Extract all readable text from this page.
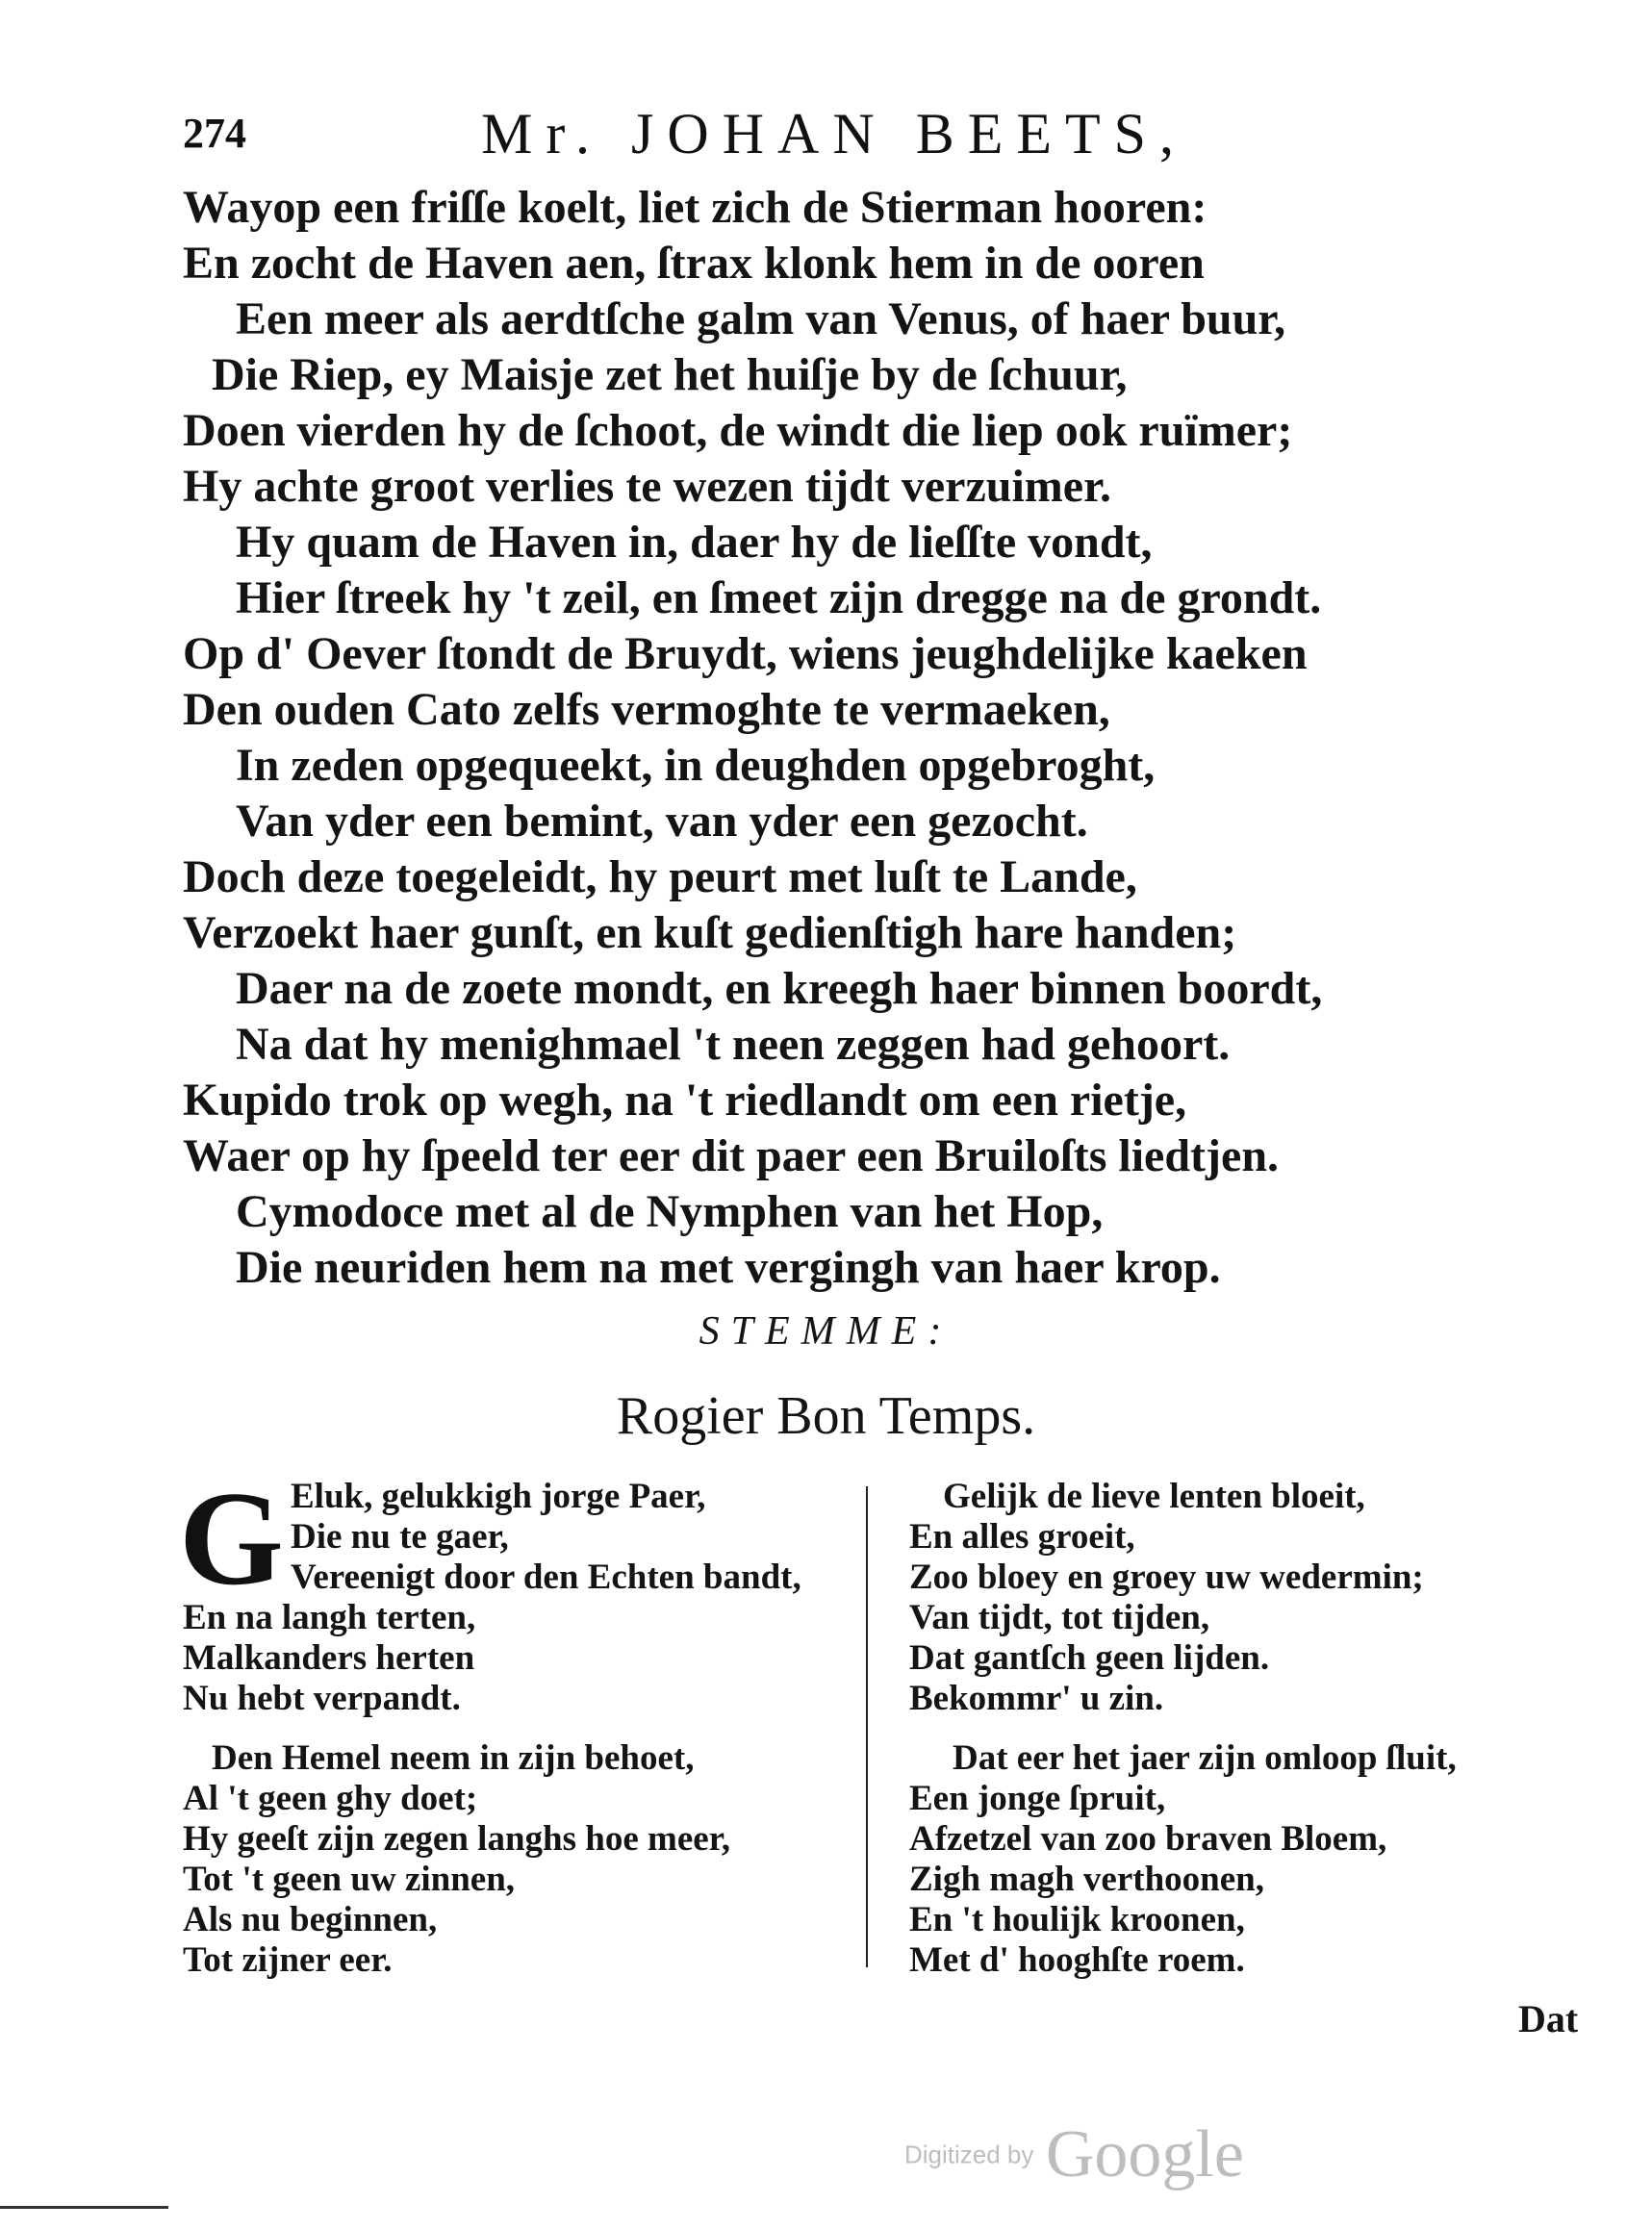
274	Mr. JOHAN BEETS,
Wayop een friſſe koelt, liet zich de Stierman hooren:
En zocht de Haven aen, ſtrax klonk hem in de ooren
Een meer als aerdtſche galm van Venus, of haer buur,
Die Riep, ey Maisje zet het huiſje by de ſchuur,
Doen vierden hy de ſchoot, de windt die liep ook ruïmer;
Hy achte groot verlies te wezen tijdt verzuimer.
Hy quam de Haven in, daer hy de lieſſte vondt,
Hier ſtreek hy 't zeil, en ſmeet zijn dregge na de grondt.
Op d' Oever ſtondt de Bruydt, wiens jeughdelijke kaeken
Den ouden Cato zelfs vermoghte te vermaeken,
In zeden opgequeekt, in deughden opgebroght,
Van yder een bemint, van yder een gezocht.
Doch deze toegeleidt, hy peurt met luſt te Lande,
Verzoekt haer gunſt, en kuſt gedienſtigh hare handen;
Daer na de zoete mondt, en kreegh haer binnen boordt,
Na dat hy menighmael 't neen zeggen had gehoort.
Kupido trok op wegh, na 't riedlandt om een rietje,
Waer op hy ſpeeld ter eer dit paer een Bruiloſts liedtjen.
Cymodoce met al de Nymphen van het Hop,
Die neuriden hem na met vergingh van haer krop.
STEMME:
Rogier Bon Temps.
G Eluk, gelukkigh jorge Paer,
Die nu te gaer,
Vereenigt door den Echten bandt,
En na langh terten,
Malkanders herten
Nu hebt verpandt.
Den Hemel neem in zijn behoet,
Al 't geen ghy doet;
Hy geeſt zijn zegen langhs hoe meer,
Tot 't geen uw zinnen,
Als nu beginnen,
Tot zijner eer.
Gelijk de lieve lenten bloeit,
En alles groeit,
Zoo bloey en groey uw wedermin;
Van tijdt, tot tijden,
Dat gantſch geen lijden.
Bekommr' u zin.
Dat eer het jaer zijn omloop ſluit,
Een jonge ſpruit,
Afzetzel van zoo braven Bloem,
Zigh magh verthoonen,
En 't houlijk kroonen,
Met d' hooghſte roem.
Dat
Digitized by Google
